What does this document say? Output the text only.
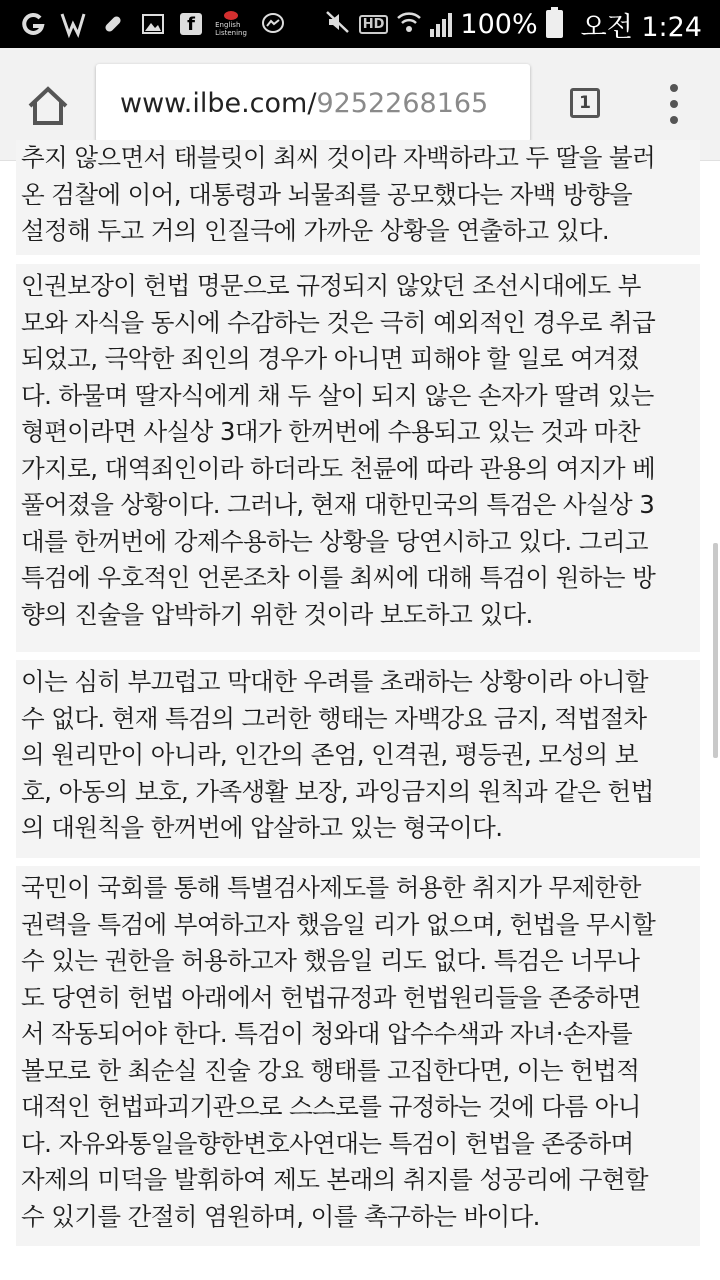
f	English Listening
HD	100% 오전 1:24
www.ilbe.com/ 9252268165	1
추지 않으면서 태블릿이 최씨 것이라 자백하라고 두 딸을 불러
온 검찰에 이어, 대통령과 뇌물죄를 공모했다는 자백 방향을
설정해 두고 거의 인질극에 가까운 상황을 연출하고 있다.
인권보장이 헌법 명문으로 규정되지 않았던 조선시대에도 부
모와 자식을 동시에 수감하는 것은 극히 예외적인 경우로 취급
되었고, 극악한 죄인의 경우가 아니면 피해야 할 일로 여겨졌
다. 하물며 딸자식에게 채 두 살이 되지 않은 손자가 딸려 있는
형편이라면 사실상 3대가 한꺼번에 수용되고 있는 것과 마찬
가지로, 대역죄인이라 하더라도 천륜에 따라 관용의 여지가 베
풀어졌을 상황이다. 그러나, 현재 대한민국의 특검은 사실상 3
대를 한꺼번에 강제수용하는 상황을 당연시하고 있다. 그리고
특검에 우호적인 언론조차 이를 최씨에 대해 특검이 원하는 방
향의 진술을 압박하기 위한 것이라 보도하고 있다.
이는 심히 부끄럽고 막대한 우려를 초래하는 상황이라 아니할
수 없다. 현재 특검의 그러한 행태는 자백강요 금지, 적법절차
의 원리만이 아니라, 인간의 존엄, 인격권, 평등권, 모성의 보
호, 아동의 보호, 가족생활 보장, 과잉금지의 원칙과 같은 헌법
의 대원칙을 한꺼번에 압살하고 있는 형국이다.
국민이 국회를 통해 특별검사제도를 허용한 취지가 무제한한
권력을 특검에 부여하고자 했음일 리가 없으며, 헌법을 무시할
수 있는 권한을 허용하고자 했음일 리도 없다. 특검은 너무나
도 당연히 헌법 아래에서 헌법규정과 헌법원리들을 존중하면
서 작동되어야 한다. 특검이 청와대 압수수색과 자녀·손자를
볼모로 한 최순실 진술 강요 행태를 고집한다면, 이는 헌법적
대적인 헌법파괴기관으로 스스로를 규정하는 것에 다름 아니
다. 자유와통일을향한변호사연대는 특검이 헌법을 존중하며
자제의 미덕을 발휘하여 제도 본래의 취지를 성공리에 구현할
수 있기를 간절히 염원하며, 이를 촉구하는 바이다.
